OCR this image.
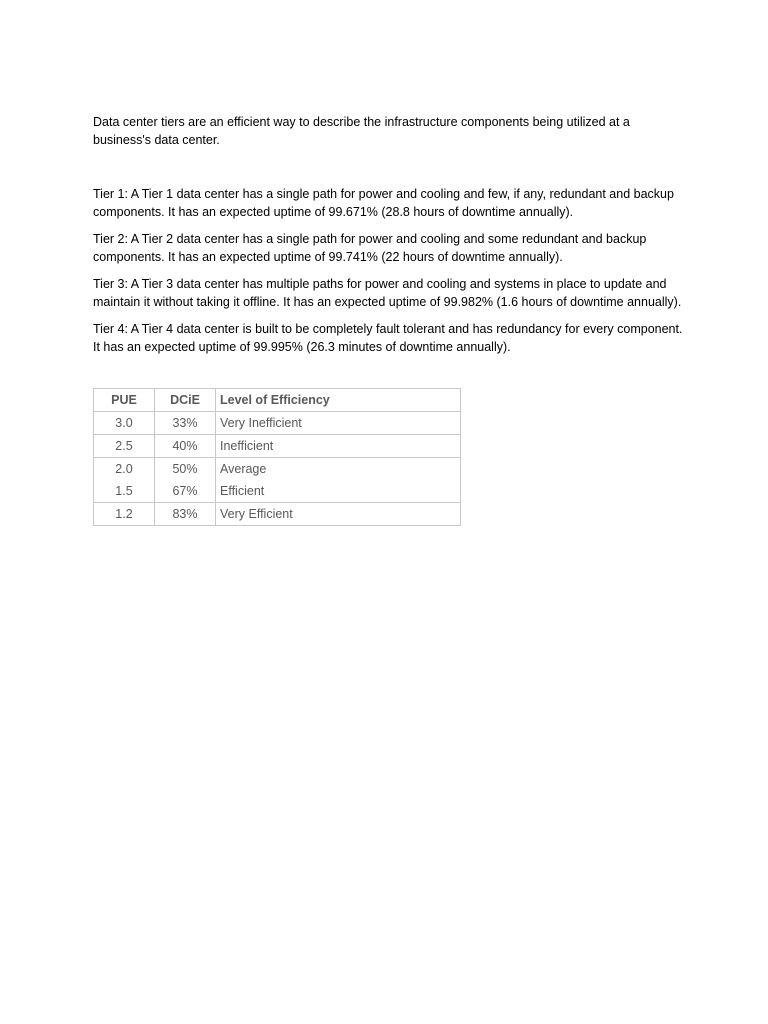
Data center tiers are an efficient way to describe the infrastructure components being utilized at a business's data center.

Tier 1: A Tier 1 data center has a single path for power and cooling and few, if any, redundant and backup components. It has an expected uptime of 99.671% (28.8 hours of downtime annually).

Tier 2: A Tier 2 data center has a single path for power and cooling and some redundant and backup components. It has an expected uptime of 99.741% (22 hours of downtime annually).

Tier 3: A Tier 3 data center has multiple paths for power and cooling and systems in place to update and maintain it without taking it offline. It has an expected uptime of 99.982% (1.6 hours of downtime annually).

Tier 4: A Tier 4 data center is built to be completely fault tolerant and has redundancy for every component. It has an expected uptime of 99.995% (26.3 minutes of downtime annually).

PUE	DCiE	Level of Efficiency
3.0	33%	Very Inefficient
2.5	40%	Inefficient
2.0	50%	Average
1.5	67%	Efficient
1.2	83%	Very Efficient
